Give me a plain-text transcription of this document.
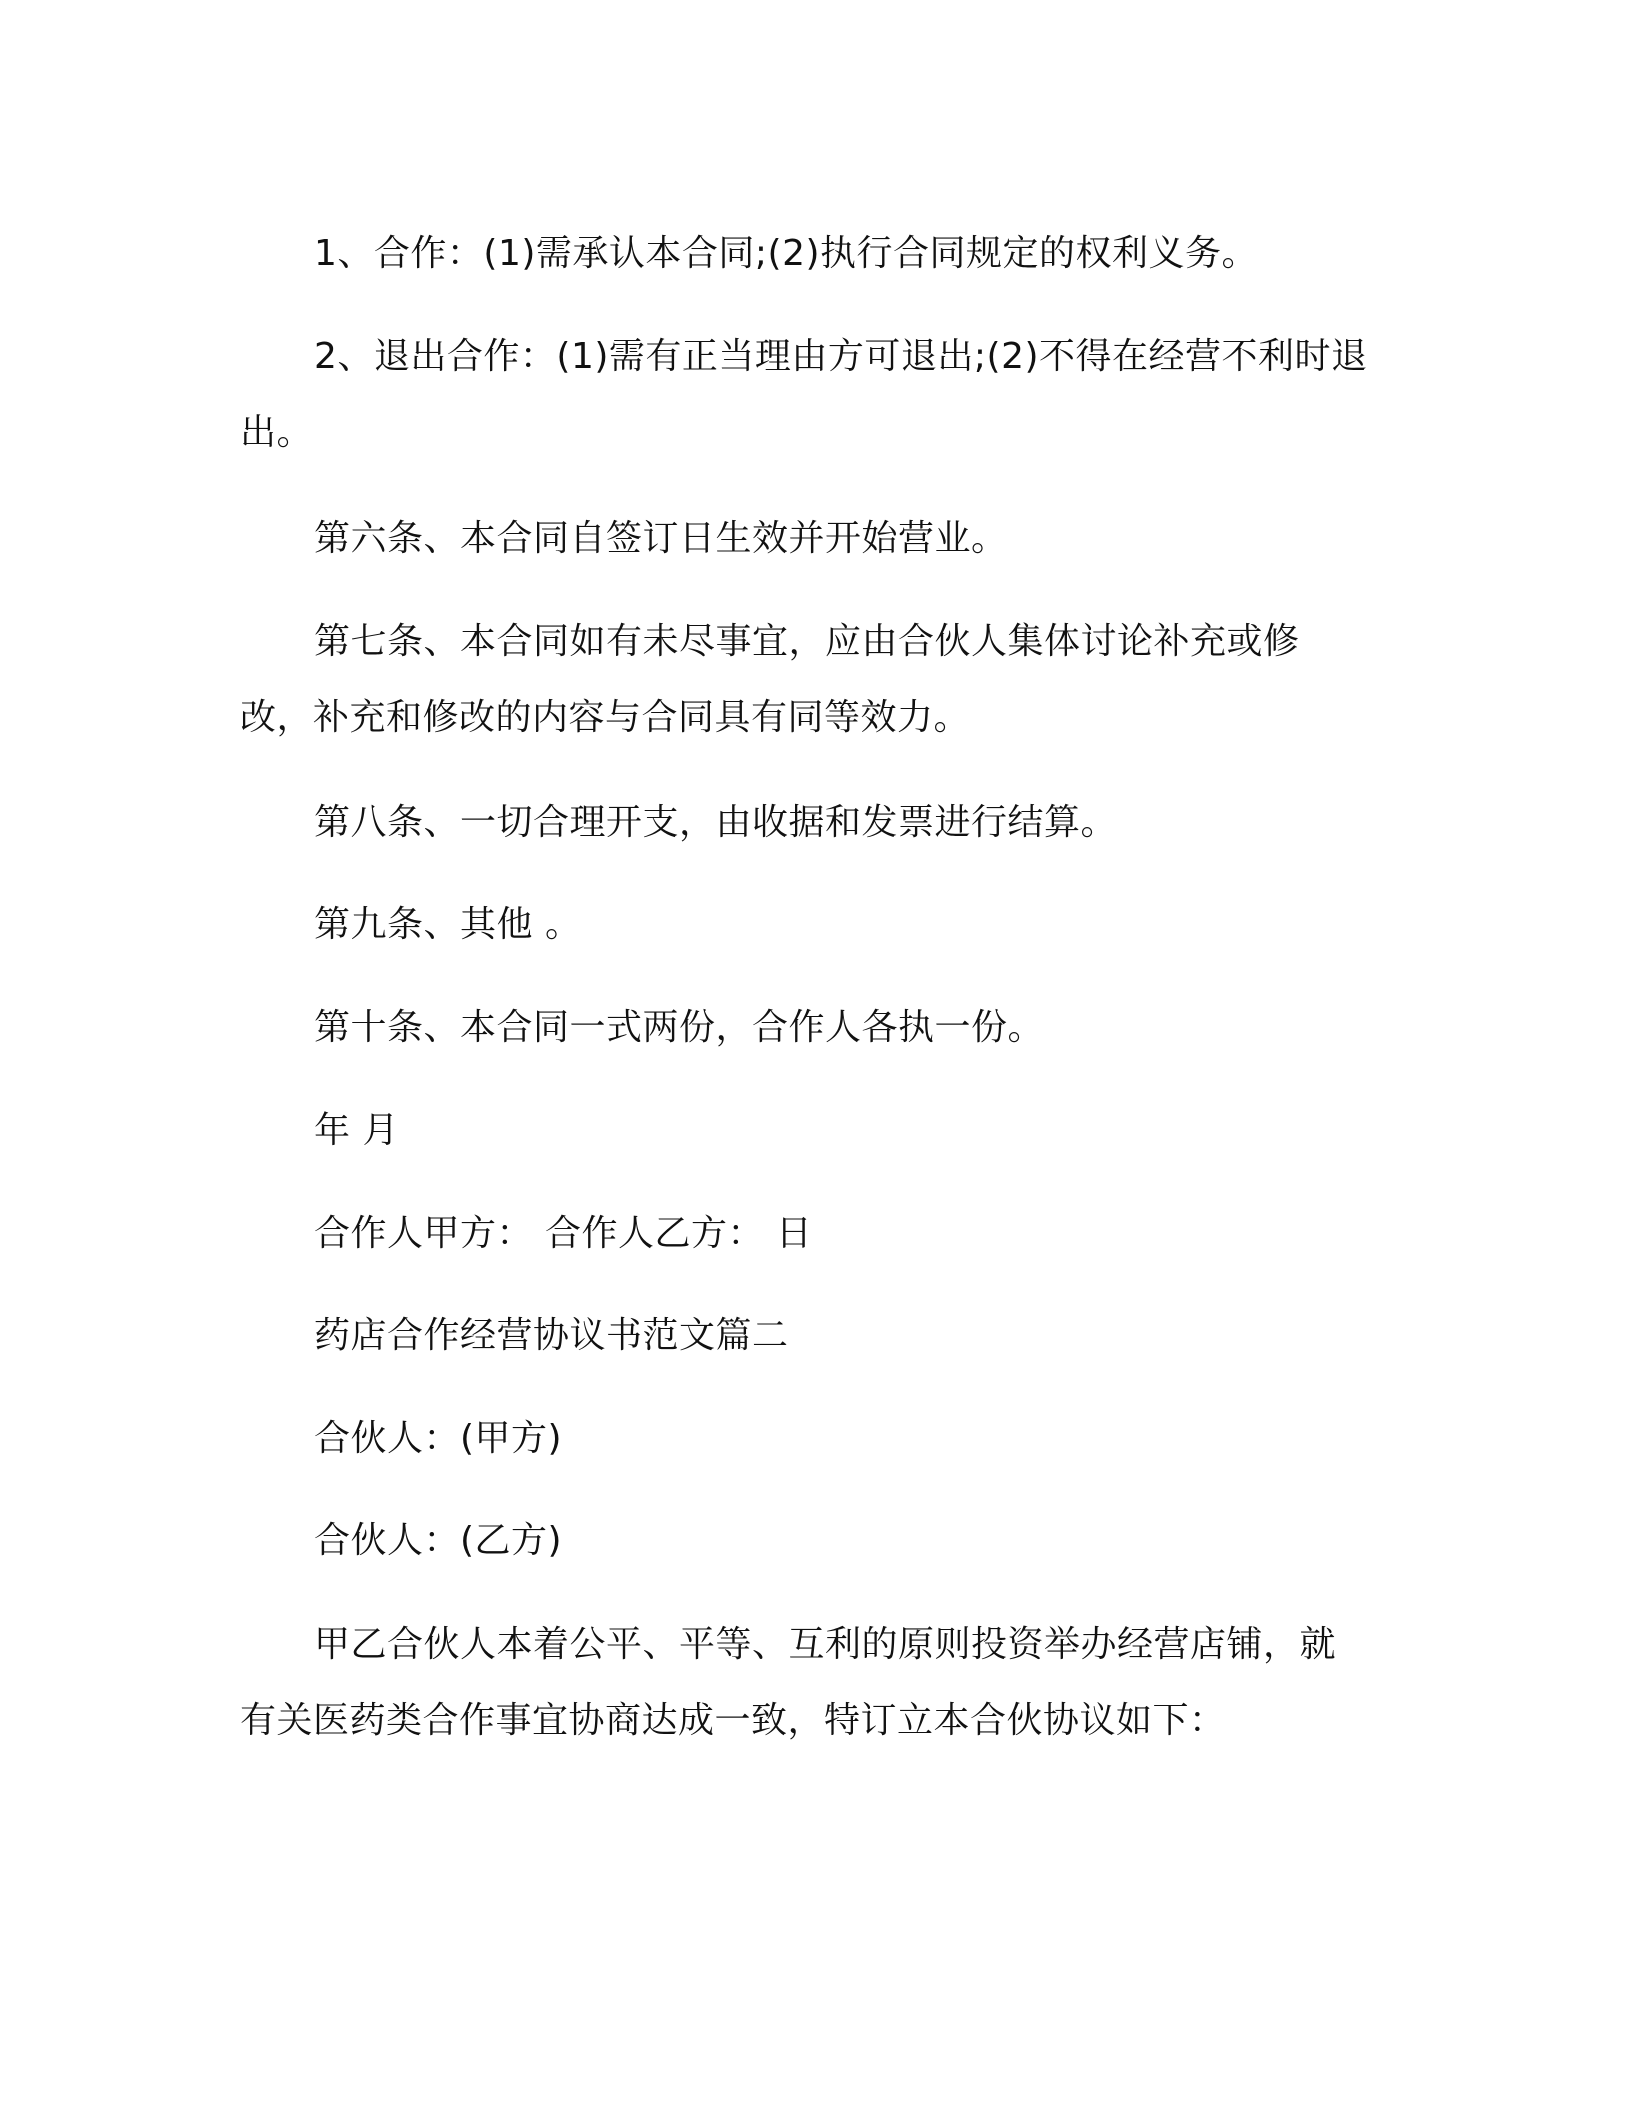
1、合作：(1)需承认本合同;(2)执行合同规定的权利义务。

2、退出合作：(1)需有正当理由方可退出;(2)不得在经营不利时退出。

第六条、本合同自签订日生效并开始营业。

第七条、本合同如有未尽事宜，应由合伙人集体讨论补充或修改，补充和修改的内容与合同具有同等效力。

第八条、一切合理开支，由收据和发票进行结算。

第九条、其他 。

第十条、本合同一式两份，合作人各执一份。

年 月

合作人甲方： 合作人乙方： 日

药店合作经营协议书范文篇二

合伙人：(甲方)

合伙人：(乙方)

甲乙合伙人本着公平、平等、互利的原则投资举办经营店铺，就有关医药类合作事宜协商达成一致，特订立本合伙协议如下：
